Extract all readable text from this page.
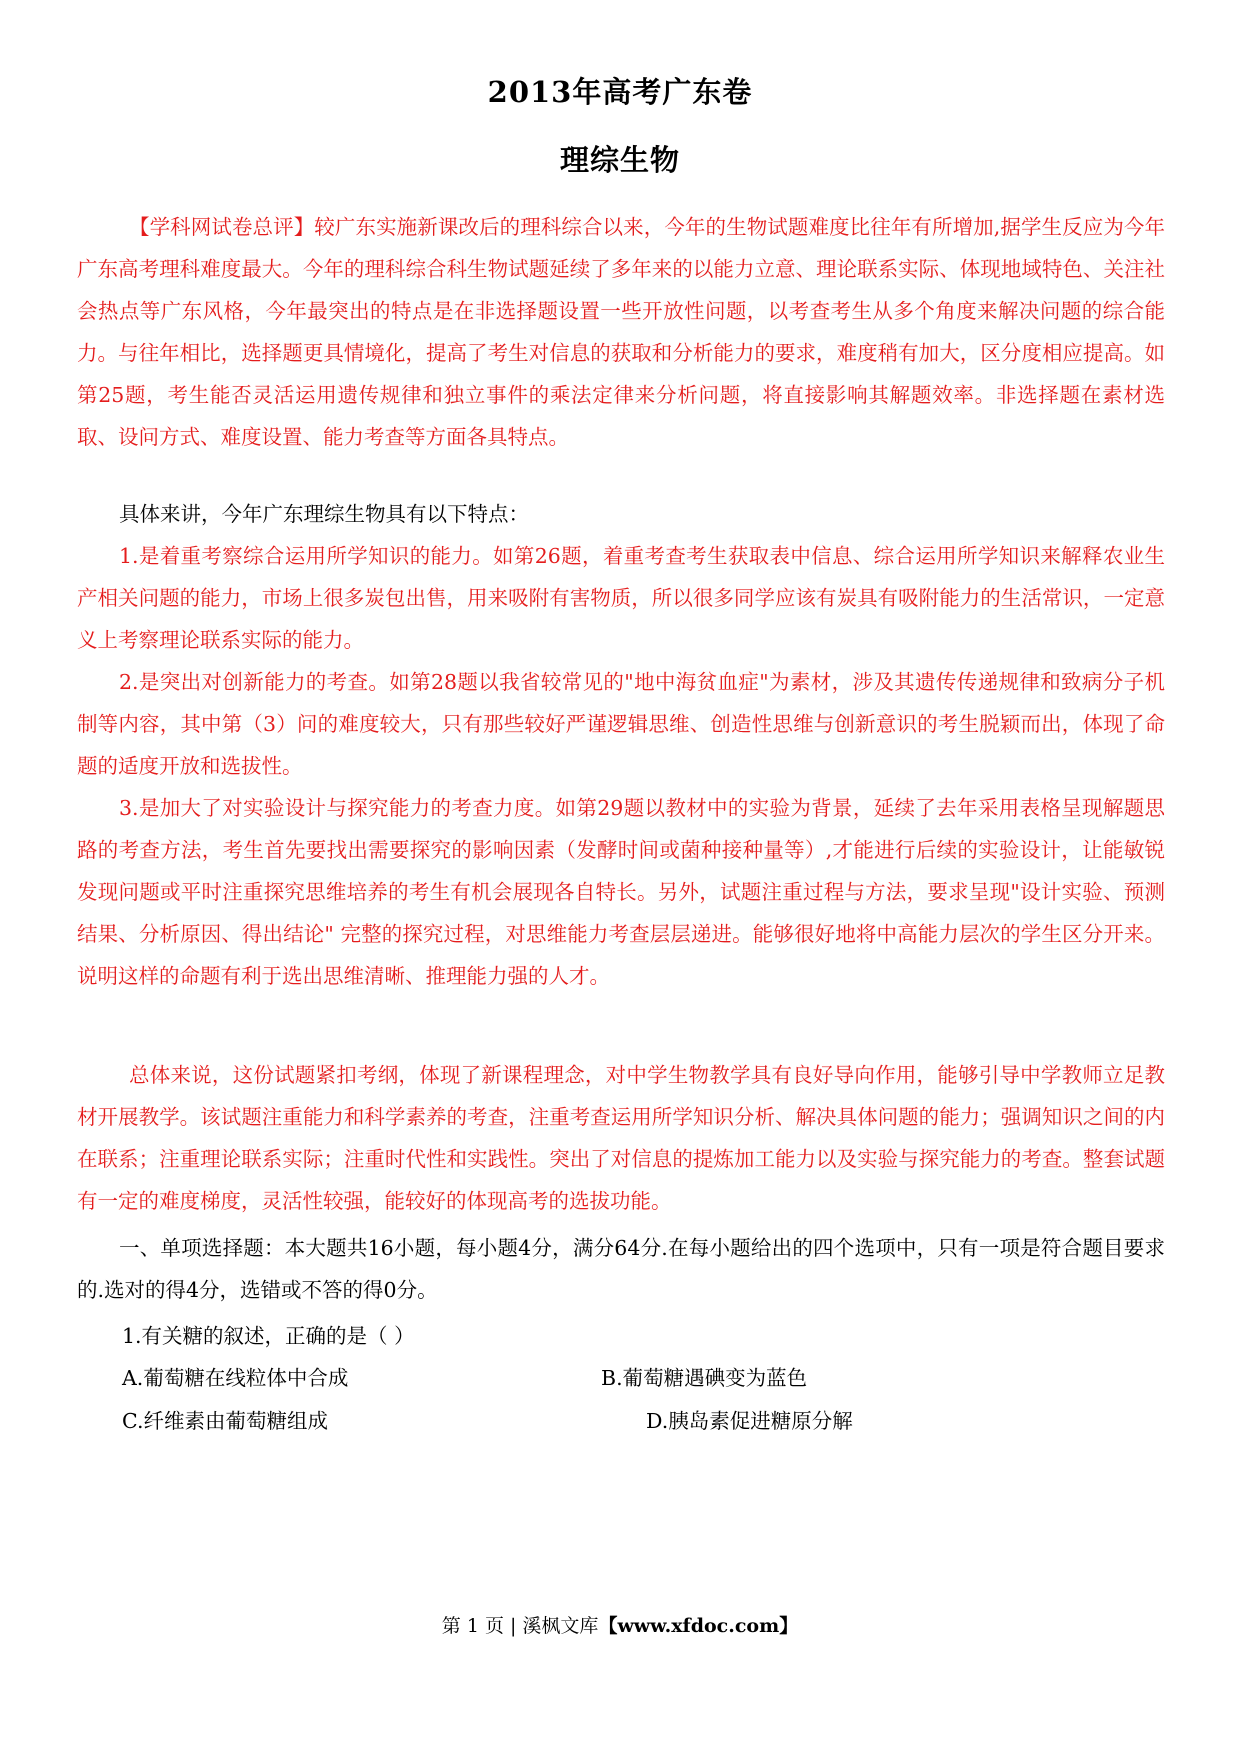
2013年高考广东卷
理综生物

【学科网试卷总评】较广东实施新课改后的理科综合以来，今年的生物试题难度比往年有所增加,据学生反应为今年广东高考理科难度最大。今年的理科综合科生物试题延续了多年来的以能力立意、理论联系实际、体现地域特色、关注社会热点等广东风格，今年最突出的特点是在非选择题设置一些开放性问题，以考查考生从多个角度来解决问题的综合能力。与往年相比，选择题更具情境化，提高了考生对信息的获取和分析能力的要求，难度稍有加大，区分度相应提高。如第25题，考生能否灵活运用遗传规律和独立事件的乘法定律来分析问题，将直接影响其解题效率。非选择题在素材选取、设问方式、难度设置、能力考查等方面各具特点。

具体来讲，今年广东理综生物具有以下特点：

1.是着重考察综合运用所学知识的能力。如第26题，着重考查考生获取表中信息、综合运用所学知识来解释农业生产相关问题的能力，市场上很多炭包出售，用来吸附有害物质，所以很多同学应该有炭具有吸附能力的生活常识，一定意义上考察理论联系实际的能力。

2.是突出对创新能力的考查。如第28题以我省较常见的"地中海贫血症"为素材，涉及其遗传传递规律和致病分子机制等内容，其中第（3）问的难度较大，只有那些较好严谨逻辑思维、创造性思维与创新意识的考生脱颖而出，体现了命题的适度开放和选拔性。

3.是加大了对实验设计与探究能力的考查力度。如第29题以教材中的实验为背景，延续了去年采用表格呈现解题思路的考查方法，考生首先要找出需要探究的影响因素（发酵时间或菌种接种量等）,才能进行后续的实验设计，让能敏锐发现问题或平时注重探究思维培养的考生有机会展现各自特长。另外，试题注重过程与方法，要求呈现"设计实验、预测结果、分析原因、得出结论" 完整的探究过程，对思维能力考查层层递进。能够很好地将中高能力层次的学生区分开来。说明这样的命题有利于选出思维清晰、推理能力强的人才。

总体来说，这份试题紧扣考纲，体现了新课程理念，对中学生物教学具有良好导向作用，能够引导中学教师立足教材开展教学。该试题注重能力和科学素养的考查，注重考查运用所学知识分析、解决具体问题的能力；强调知识之间的内在联系；注重理论联系实际；注重时代性和实践性。突出了对信息的提炼加工能力以及实验与探究能力的考查。整套试题有一定的难度梯度，灵活性较强，能较好的体现高考的选拔功能。

一、单项选择题：本大题共16小题，每小题4分，满分64分.在每小题给出的四个选项中，只有一项是符合题目要求的.选对的得4分，选错或不答的得0分。

1.有关糖的叙述，正确的是（ ）
A.葡萄糖在线粒体中合成	B.葡萄糖遇碘变为蓝色
C.纤维素由葡萄糖组成	D.胰岛素促进糖原分解
第 1 页 | 溪枫文库【www.xfdoc.com】
